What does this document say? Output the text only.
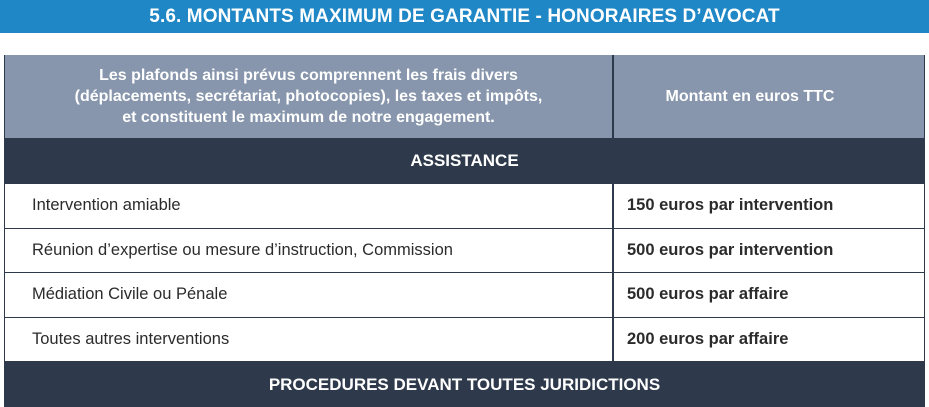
5.6. MONTANTS MAXIMUM DE GARANTIE - HONORAIRES D’AVOCAT
Les plafonds ainsi prévus comprennent les frais divers
(déplacements, secrétariat, photocopies), les taxes et impôts,
et constituent le maximum de notre engagement.
Montant en euros TTC
ASSISTANCE
Intervention amiable	150 euros par intervention
Réunion d’expertise ou mesure d’instruction, Commission	500 euros par intervention
Médiation Civile ou Pénale	500 euros par affaire
Toutes autres interventions	200 euros par affaire
PROCEDURES DEVANT TOUTES JURIDICTIONS
